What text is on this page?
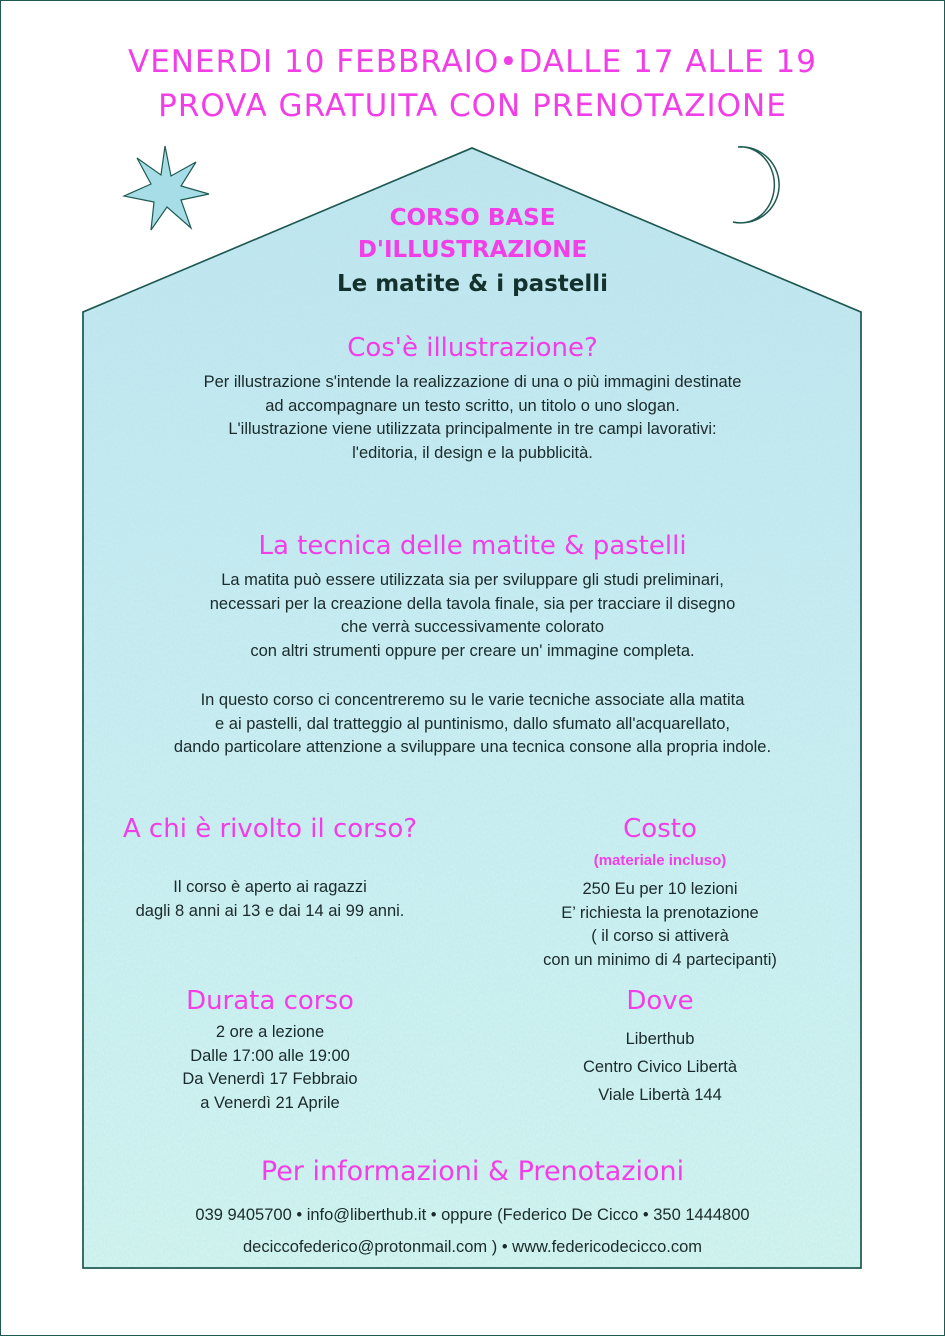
VENERDI 10 FEBBRAIO•DALLE 17 ALLE 19
PROVA GRATUITA CON PRENOTAZIONE
CORSO BASE
D'ILLUSTRAZIONE
Le matite & i pastelli
Cos'è illustrazione?
Per illustrazione s'intende la realizzazione di una o più immagini destinate
ad accompagnare un testo scritto, un titolo o uno slogan.
L'illustrazione viene utilizzata principalmente in tre campi lavorativi:
l'editoria, il design e la pubblicità.
La tecnica delle matite & pastelli
La matita può essere utilizzata sia per sviluppare gli studi preliminari,
necessari per la creazione della tavola finale, sia per tracciare il disegno
che verrà successivamente colorato
con altri strumenti oppure per creare un' immagine completa.
In questo corso ci concentreremo su le varie tecniche associate alla matita
e ai pastelli, dal tratteggio al puntinismo, dallo sfumato all'acquarellato,
dando particolare attenzione a sviluppare una tecnica consone alla propria indole.
A chi è rivolto il corso?
Il corso è aperto ai ragazzi
dagli 8 anni ai 13 e dai 14 ai 99 anni.
Costo
(materiale incluso)
250 Eu per 10 lezioni
E’ richiesta la prenotazione
( il corso si attiverà
con un minimo di 4 partecipanti)
Durata corso
2 ore a lezione
Dalle 17:00 alle 19:00
Da Venerdì 17 Febbraio
a Venerdì 21 Aprile
Dove
Liberthub
Centro Civico Libertà
Viale Libertà 144
Per informazioni & Prenotazioni
039 9405700 • info@liberthub.it • oppure (Federico De Cicco • 350 1444800
deciccofederico@protonmail.com ) • www.federicodecicco.com
